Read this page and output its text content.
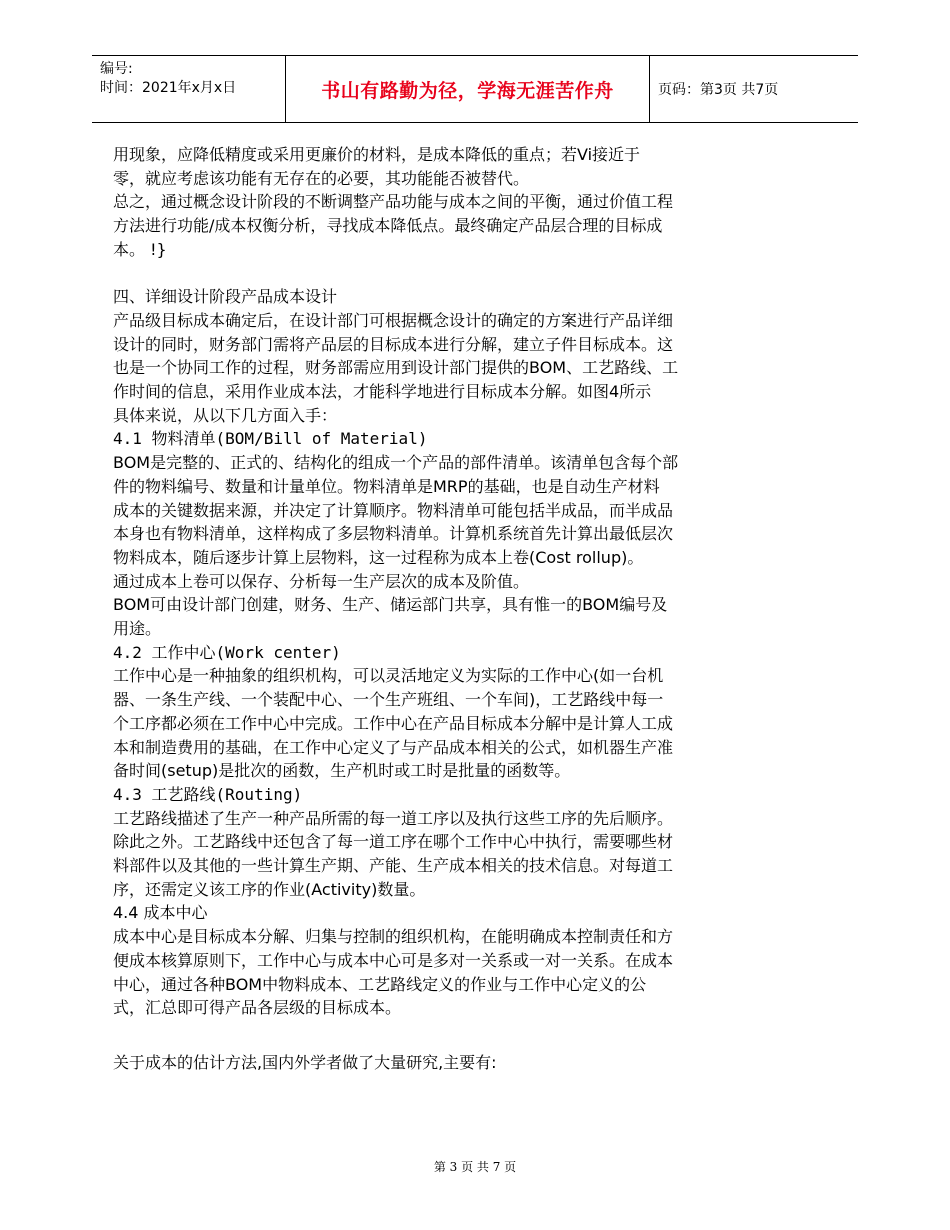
编号:
时间：2021年x月x日	书山有路勤为径，学海无涯苦作舟	页码：第3页 共7页

用现象，应降低精度或采用更廉价的材料，是成本降低的重点；若Vi接近于

零，就应考虑该功能有无存在的必要，其功能能否被替代。

总之，通过概念设计阶段的不断调整产品功能与成本之间的平衡，通过价值工程

方法进行功能/成本权衡分析，寻找成本降低点。最终确定产品层合理的目标成

本。 !}

四、详细设计阶段产品成本设计

产品级目标成本确定后，在设计部门可根据概念设计的确定的方案进行产品详细

设计的同时，财务部门需将产品层的目标成本进行分解，建立子件目标成本。这

也是一个协同工作的过程，财务部需应用到设计部门提供的BOM、工艺路线、工

作时间的信息，采用作业成本法，才能科学地进行目标成本分解。如图4所示

具体来说，从以下几方面入手：

4.1 物料清单(BOM/Bill of Material)

BOM是完整的、正式的、结构化的组成一个产品的部件清单。该清单包含每个部

件的物料编号、数量和计量单位。物料清单是MRP的基础，也是自动生产材料

成本的关键数据来源，并决定了计算顺序。物料清单可能包括半成品，而半成品

本身也有物料清单，这样构成了多层物料清单。计算机系统首先计算出最低层次

物料成本，随后逐步计算上层物料，这一过程称为成本上卷(Cost rollup)。

通过成本上卷可以保存、分析每一生产层次的成本及阶值。

BOM可由设计部门创建，财务、生产、储运部门共享，具有惟一的BOM编号及

用途。

4.2 工作中心(Work center)

工作中心是一种抽象的组织机构，可以灵活地定义为实际的工作中心(如一台机

器、一条生产线、一个装配中心、一个生产班组、一个车间)，工艺路线中每一

个工序都必须在工作中心中完成。工作中心在产品目标成本分解中是计算人工成

本和制造费用的基础，在工作中心定义了与产品成本相关的公式，如机器生产准

备时间(setup)是批次的函数，生产机时或工时是批量的函数等。

4.3 工艺路线(Routing)

工艺路线描述了生产一种产品所需的每一道工序以及执行这些工序的先后顺序。

除此之外。工艺路线中还包含了每一道工序在哪个工作中心中执行，需要哪些材

料部件以及其他的一些计算生产期、产能、生产成本相关的技术信息。对每道工

序，还需定义该工序的作业(Activity)数量。

4.4 成本中心

成本中心是目标成本分解、归集与控制的组织机构，在能明确成本控制责任和方

便成本核算原则下，工作中心与成本中心可是多对一关系或一对一关系。在成本

中心，通过各种BOM中物料成本、工艺路线定义的作业与工作中心定义的公

式，汇总即可得产品各层级的目标成本。

关于成本的估计方法,国内外学者做了大量研究,主要有:

第 3 页 共 7 页
